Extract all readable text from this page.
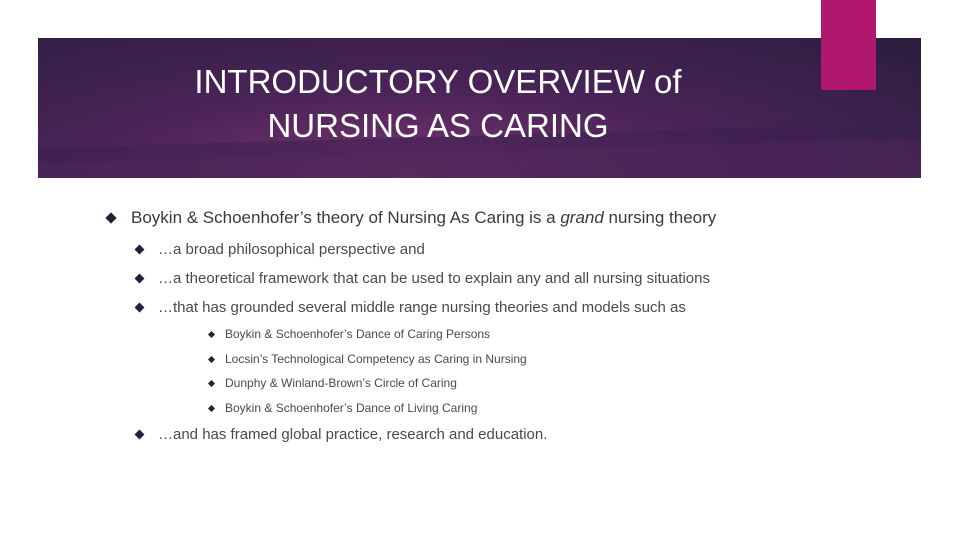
INTRODUCTORY OVERVIEW of
NURSING AS CARING
Boykin & Schoenhofer’s theory of Nursing As Caring is a grand nursing theory
…a broad philosophical perspective and
…a theoretical framework that can be used to explain any and all nursing situations
…that has grounded several middle range nursing theories and models such as
Boykin & Schoenhofer’s Dance of Caring Persons
Locsin’s Technological Competency as Caring in Nursing
Dunphy & Winland-Brown’s Circle of Caring
Boykin & Schoenhofer’s Dance of Living Caring
…and has framed global practice, research and education.
